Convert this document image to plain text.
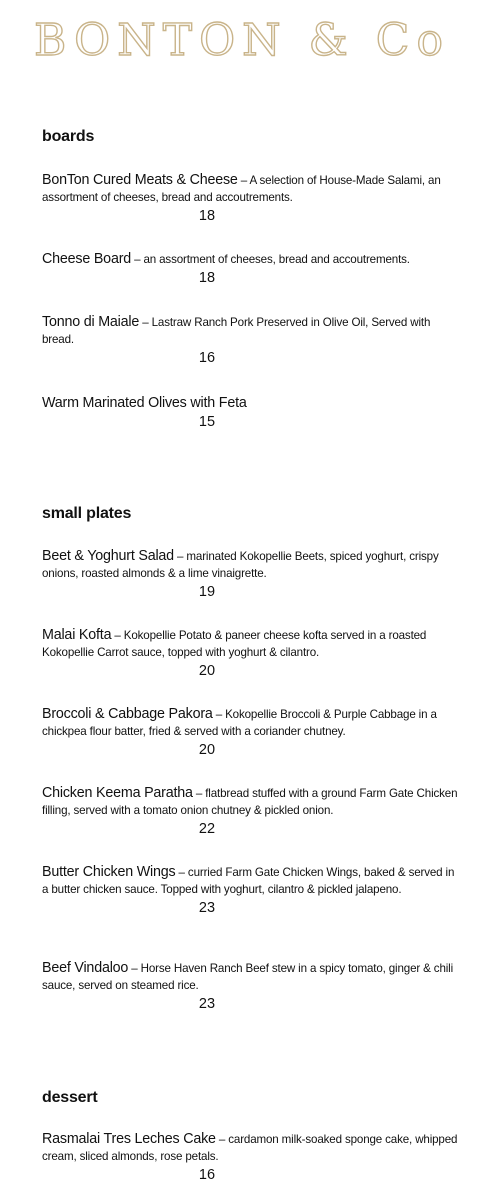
BONTON & Co
boards
BonTon Cured Meats & Cheese – A selection of House-Made Salami, an assortment of cheeses, bread and accoutrements.
18
Cheese Board – an assortment of cheeses, bread and accoutrements.
18
Tonno di Maiale – Lastraw Ranch Pork Preserved in Olive Oil, Served with bread.
16
Warm Marinated Olives with Feta
15
small plates
Beet & Yoghurt Salad – marinated Kokopellie Beets, spiced yoghurt, crispy onions, roasted almonds & a lime vinaigrette.
19
Malai Kofta – Kokopellie Potato & paneer cheese kofta served in a roasted Kokopellie Carrot sauce, topped with yoghurt & cilantro.
20
Broccoli & Cabbage Pakora – Kokopellie Broccoli & Purple Cabbage in a chickpea flour batter, fried & served with a coriander chutney.
20
Chicken Keema Paratha – flatbread stuffed with a ground Farm Gate Chicken filling, served with a tomato onion chutney & pickled onion.
22
Butter Chicken Wings – curried Farm Gate Chicken Wings, baked & served in a butter chicken sauce. Topped with yoghurt, cilantro & pickled jalapeno.
23
Beef Vindaloo – Horse Haven Ranch Beef stew in a spicy tomato, ginger & chili sauce, served on steamed rice.
23
dessert
Rasmalai Tres Leches Cake – cardamon milk-soaked sponge cake, whipped cream, sliced almonds, rose petals.
16
